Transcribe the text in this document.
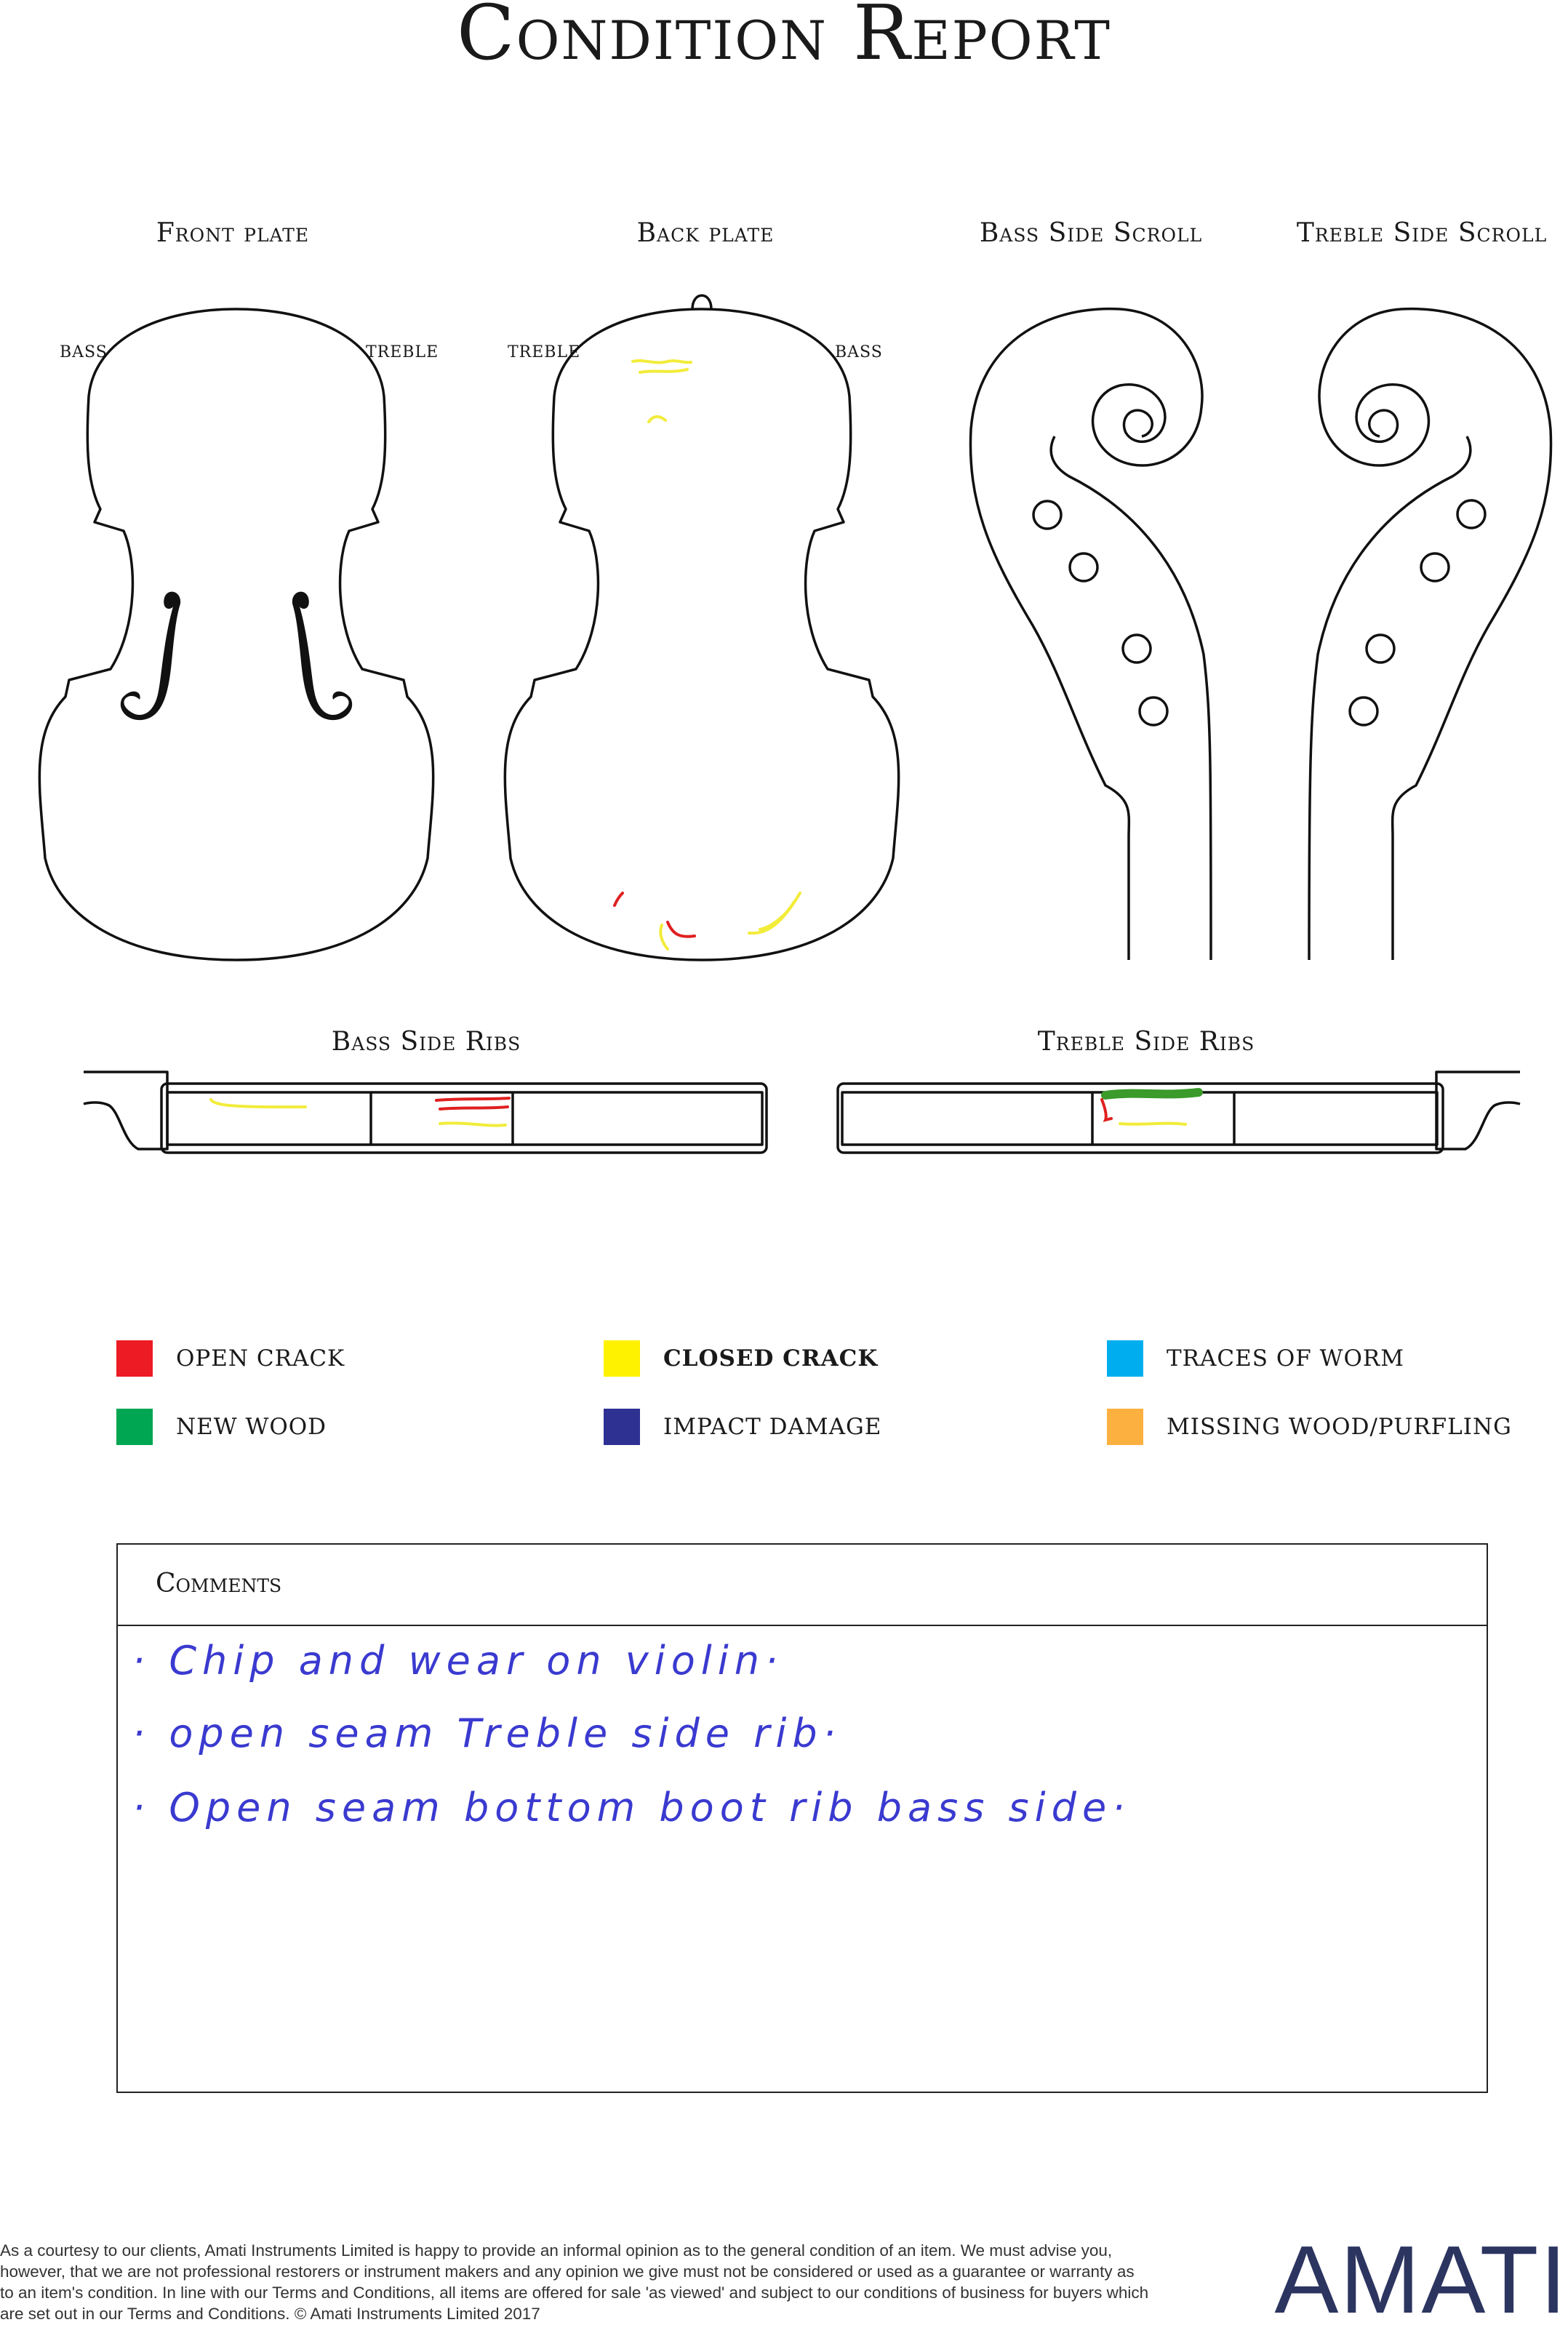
Condition Report
Front plate	Back plate	Bass Side Scroll	Treble Side Scroll
Bass Side Ribs	Treble Side Ribs
BASS	TREBLE	TREBLE	BASS
OPEN CRACK	CLOSED CRACK	TRACES OF WORM
NEW WOOD	IMPACT DAMAGE	MISSING WOOD/PURFLING
Comments
· Chip and wear on violin·
· open seam Treble side rib·
· Open seam bottom boot rib bass side·
As a courtesy to our clients, Amati Instruments Limited is happy to provide an informal opinion as to the general condition of an item. We must advise you, however, that we are not professional restorers or instrument makers and any opinion we give must not be considered or used as a guarantee or warranty as to an item's condition. In line with our Terms and Conditions, all items are offered for sale 'as viewed' and subject to our conditions of business for buyers which are set out in our Terms and Conditions. © Amati Instruments Limited 2017	AMATI
